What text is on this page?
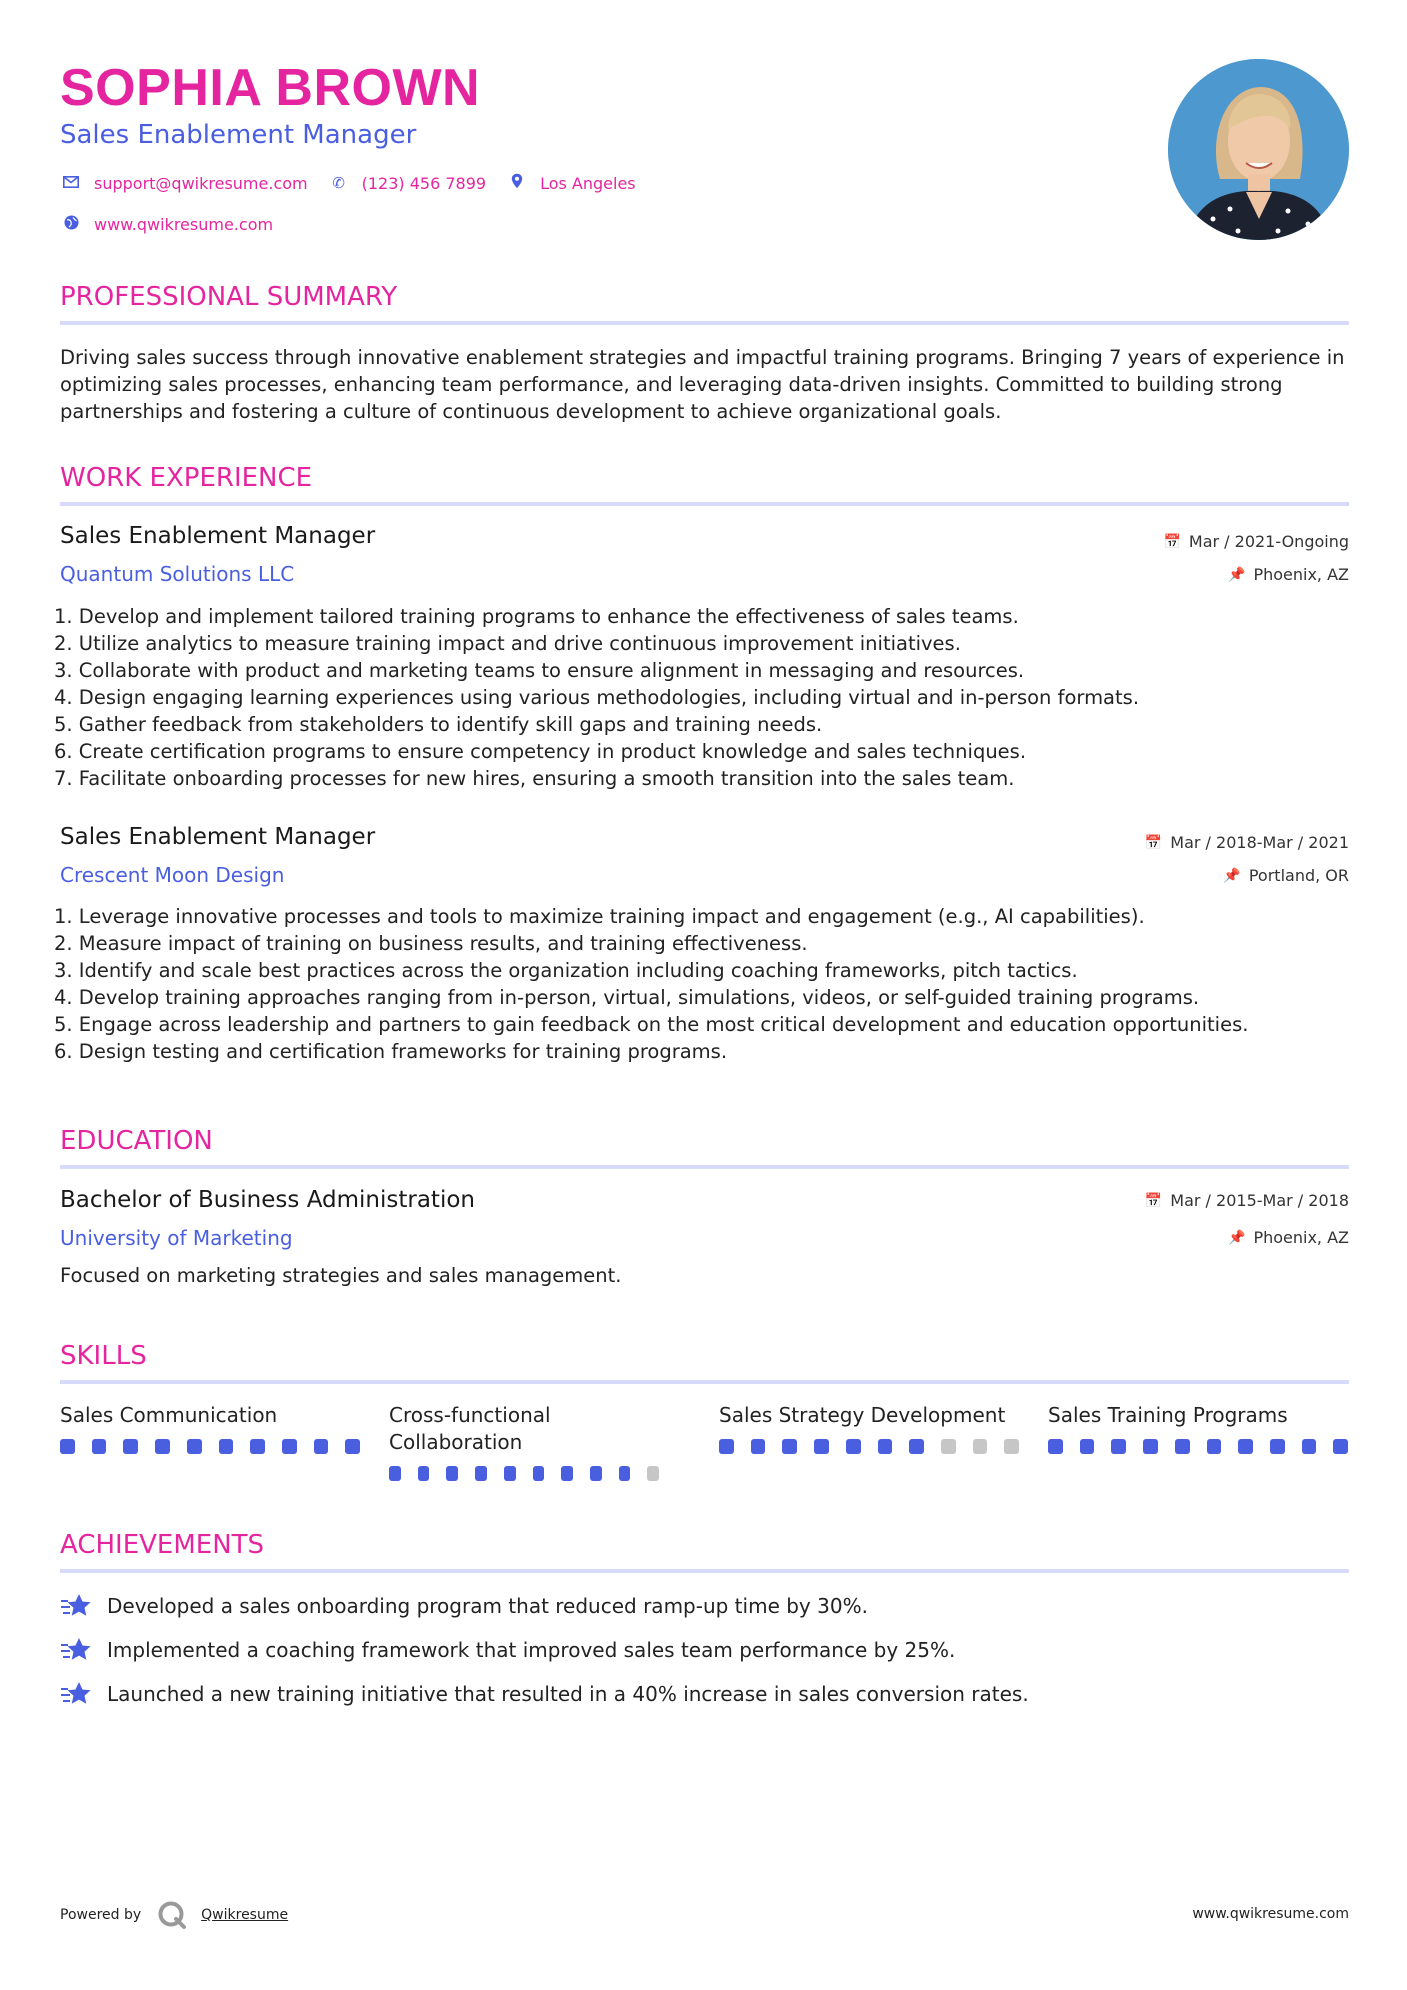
SOPHIA BROWN
Sales Enablement Manager
support@qwikresume.com	✆ (123) 456 7899	Los Angeles
www.qwikresume.com
PROFESSIONAL SUMMARY
Driving sales success through innovative enablement strategies and impactful training programs. Bringing 7 years of experience in optimizing sales processes, enhancing team performance, and leveraging data-driven insights. Committed to building strong partnerships and fostering a culture of continuous development to achieve organizational goals.
WORK EXPERIENCE
Sales Enablement Manager
Quantum Solutions LLC
📅 Mar / 2021-Ongoing
📌 Phoenix, AZ
1. Develop and implement tailored training programs to enhance the effectiveness of sales teams.
2. Utilize analytics to measure training impact and drive continuous improvement initiatives.
3. Collaborate with product and marketing teams to ensure alignment in messaging and resources.
4. Design engaging learning experiences using various methodologies, including virtual and in-person formats.
5. Gather feedback from stakeholders to identify skill gaps and training needs.
6. Create certification programs to ensure competency in product knowledge and sales techniques.
7. Facilitate onboarding processes for new hires, ensuring a smooth transition into the sales team.
Sales Enablement Manager
Crescent Moon Design
📅 Mar / 2018-Mar / 2021
📌 Portland, OR
1. Leverage innovative processes and tools to maximize training impact and engagement (e.g., AI capabilities).
2. Measure impact of training on business results, and training effectiveness.
3. Identify and scale best practices across the organization including coaching frameworks, pitch tactics.
4. Develop training approaches ranging from in-person, virtual, simulations, videos, or self-guided training programs.
5. Engage across leadership and partners to gain feedback on the most critical development and education opportunities.
6. Design testing and certification frameworks for training programs.
EDUCATION
Bachelor of Business Administration
University of Marketing
📅 Mar / 2015-Mar / 2018
📌 Phoenix, AZ
Focused on marketing strategies and sales management.
SKILLS
Sales Communication	Cross-functional Collaboration
Sales Strategy Development	Sales Training Programs
ACHIEVEMENTS
Developed a sales onboarding program that reduced ramp-up time by 30%.
Implemented a coaching framework that improved sales team performance by 25%.
Launched a new training initiative that resulted in a 40% increase in sales conversion rates.
Powered by	Qwikresume	www.qwikresume.com
